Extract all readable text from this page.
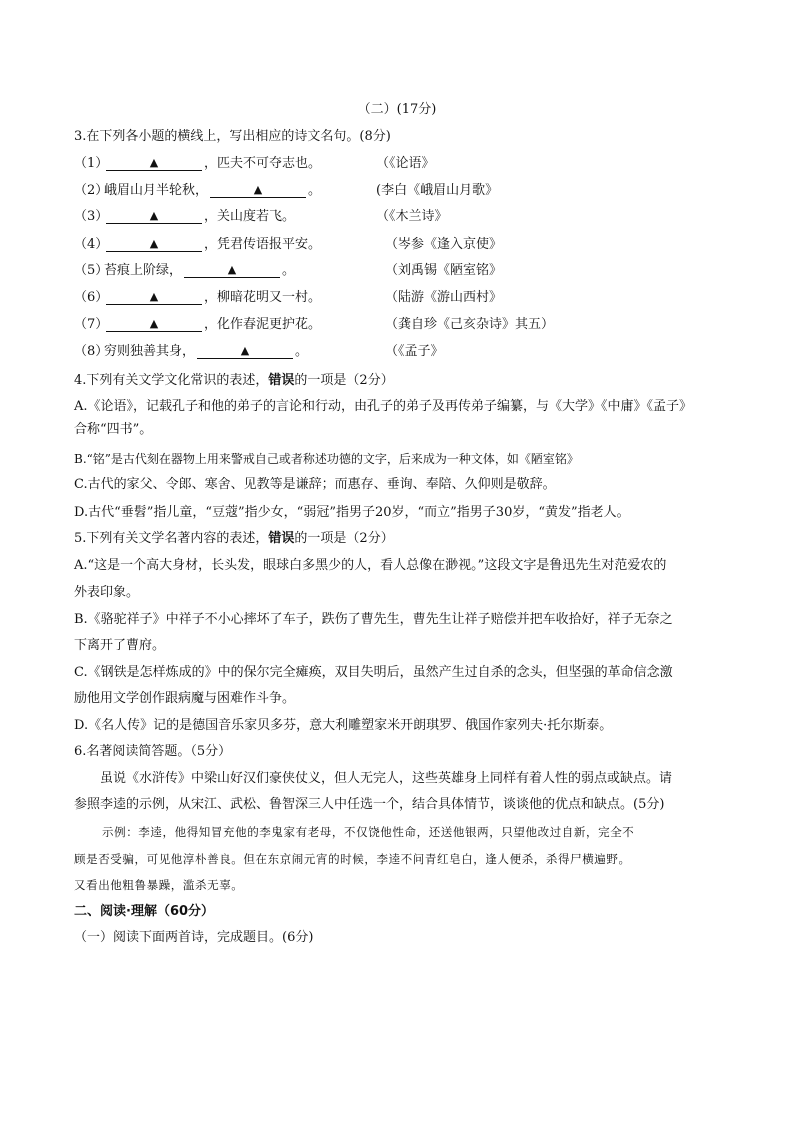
（二）(17分)
3.在下列各小题的横线上，写出相应的诗文名句。(8分)
（1）	▲	，匹夫不可夺志也。	（《论语》
（2）峨眉山月半轮秋，	▲	。	(李白《峨眉山月歌》
（3）	▲	，关山度若飞。	（《木兰诗》
（4）	▲	，凭君传语报平安。	（岑参《逢入京使》
（5）苔痕上阶绿，	▲	。	（刘禹锡《陋室铭》
（6）	▲	，柳暗花明又一村。	（陆游《游山西村》
（7）	▲	，化作春泥更护花。	（龚自珍《己亥杂诗》其五）
（8）穷则独善其身，	▲	。	（《孟子》
4.下列有关文学文化常识的表述，错误的一项是（2分）
A.《论语》，记载孔子和他的弟子的言论和行动，由孔子的弟子及再传弟子编纂，与《大学》《中庸》《孟子》
合称“四书”。
B.“铭”是古代刻在器物上用来警戒自己或者称述功德的文字，后来成为一种文体，如《陋室铭》
C.古代的家父、令郎、寒舍、见教等是谦辞；而惠存、垂询、奉陪、久仰则是敬辞。
D.古代“垂髫”指儿童，“豆蔻”指少女，“弱冠”指男子20岁，“而立”指男子30岁，“黄发”指老人。
5.下列有关文学名著内容的表述，错误的一项是（2分）
A.“这是一个高大身材，长头发，眼球白多黑少的人，看人总像在渺视。”这段文字是鲁迅先生对范爱农的
外表印象。
B.《骆驼祥子》中祥子不小心摔坏了车子，跌伤了曹先生，曹先生让祥子赔偿并把车收拾好，祥子无奈之
下离开了曹府。
C.《钢铁是怎样炼成的》中的保尔完全瘫痪，双目失明后，虽然产生过自杀的念头，但坚强的革命信念激
励他用文学创作跟病魔与困难作斗争。
D.《名人传》记的是德国音乐家贝多芬，意大利雕塑家米开朗琪罗、俄国作家列夫·托尔斯泰。
6.名著阅读简答题。（5分）
虽说《水浒传》中梁山好汉们豪侠仗义，但人无完人，这些英雄身上同样有着人性的弱点或缺点。请
参照李逵的示例，从宋江、武松、鲁智深三人中任选一个，结合具体情节，谈谈他的优点和缺点。(5分)
示例：李逵，他得知冒充他的李鬼家有老母，不仅饶他性命，还送他银两，只望他改过自新，完全不
顾是否受骗，可见他淳朴善良。但在东京闹元宵的时候，李逵不问青红皂白，逢人便杀，杀得尸横遍野。
又看出他粗鲁暴躁，滥杀无辜。
二、阅读·理解（60分）
（一）阅读下面两首诗，完成题目。(6分)
